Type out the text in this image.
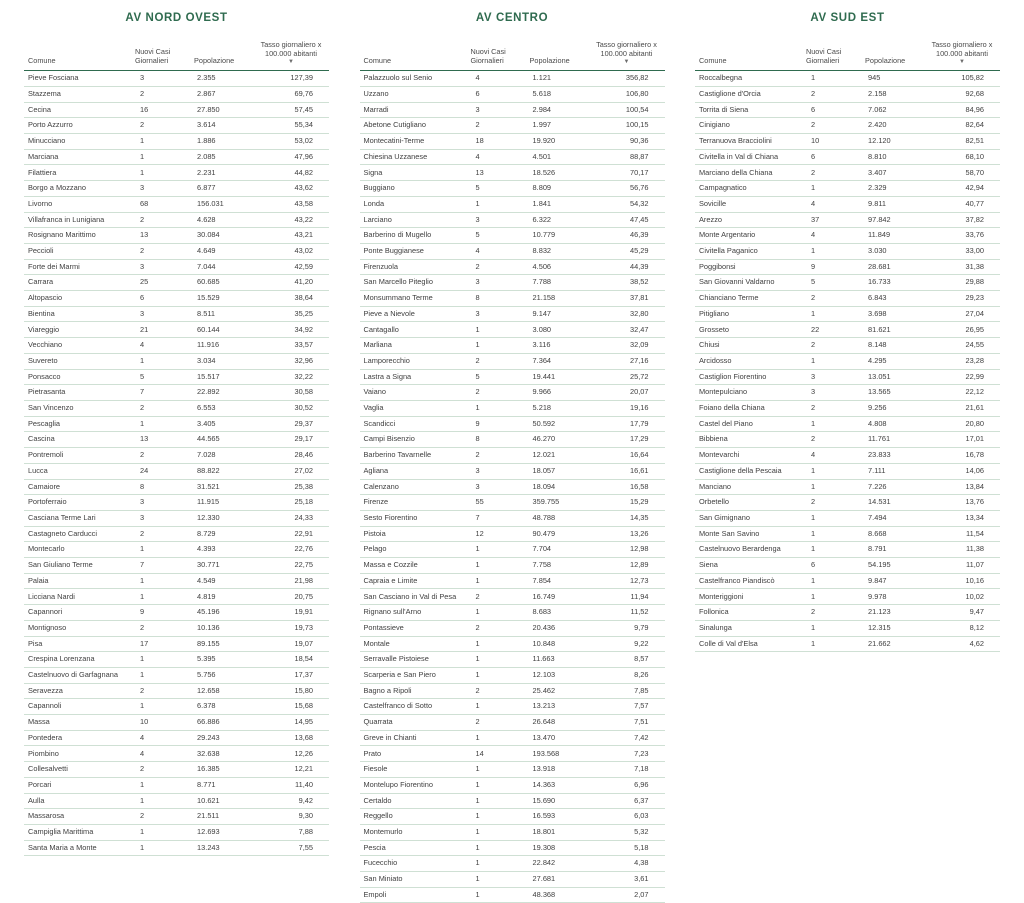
AV NORD OVEST
Comune	Nuovi Casi Giornalieri	Popolazione	Tasso giornaliero x 100.000 abitanti
▼

Pieve Fosciana	3	2.355	127,39
Stazzema	2	2.867	69,76
Cecina	16	27.850	57,45
Porto Azzurro	2	3.614	55,34
Minucciano	1	1.886	53,02
Marciana	1	2.085	47,96
Filattiera	1	2.231	44,82
Borgo a Mozzano	3	6.877	43,62
Livorno	68	156.031	43,58
Villafranca in Lunigiana	2	4.628	43,22
Rosignano Marittimo	13	30.084	43,21
Peccioli	2	4.649	43,02
Forte dei Marmi	3	7.044	42,59
Carrara	25	60.685	41,20
Altopascio	6	15.529	38,64
Bientina	3	8.511	35,25
Viareggio	21	60.144	34,92
Vecchiano	4	11.916	33,57
Suvereto	1	3.034	32,96
Ponsacco	5	15.517	32,22
Pietrasanta	7	22.892	30,58
San Vincenzo	2	6.553	30,52
Pescaglia	1	3.405	29,37
Cascina	13	44.565	29,17
Pontremoli	2	7.028	28,46
Lucca	24	88.822	27,02
Camaiore	8	31.521	25,38
Portoferraio	3	11.915	25,18
Casciana Terme Lari	3	12.330	24,33
Castagneto Carducci	2	8.729	22,91
Montecarlo	1	4.393	22,76
San Giuliano Terme	7	30.771	22,75
Palaia	1	4.549	21,98
Licciana Nardi	1	4.819	20,75
Capannori	9	45.196	19,91
Montignoso	2	10.136	19,73
Pisa	17	89.155	19,07
Crespina Lorenzana	1	5.395	18,54
Castelnuovo di Garfagnana	1	5.756	17,37
Seravezza	2	12.658	15,80
Capannoli	1	6.378	15,68
Massa	10	66.886	14,95
Pontedera	4	29.243	13,68
Piombino	4	32.638	12,26
Collesalvetti	2	16.385	12,21
Porcari	1	8.771	11,40
Aulla	1	10.621	9,42
Massarosa	2	21.511	9,30
Campiglia Marittima	1	12.693	7,88
Santa Maria a Monte	1	13.243	7,55
AV CENTRO
Comune	Nuovi Casi Giornalieri	Popolazione	Tasso giornaliero x 100.000 abitanti
▼

Palazzuolo sul Senio	4	1.121	356,82
Uzzano	6	5.618	106,80
Marradi	3	2.984	100,54
Abetone Cutigliano	2	1.997	100,15
Montecatini-Terme	18	19.920	90,36
Chiesina Uzzanese	4	4.501	88,87
Signa	13	18.526	70,17
Buggiano	5	8.809	56,76
Londa	1	1.841	54,32
Larciano	3	6.322	47,45
Barberino di Mugello	5	10.779	46,39
Ponte Buggianese	4	8.832	45,29
Firenzuola	2	4.506	44,39
San Marcello Piteglio	3	7.788	38,52
Monsummano Terme	8	21.158	37,81
Pieve a Nievole	3	9.147	32,80
Cantagallo	1	3.080	32,47
Marliana	1	3.116	32,09
Lamporecchio	2	7.364	27,16
Lastra a Signa	5	19.441	25,72
Vaiano	2	9.966	20,07
Vaglia	1	5.218	19,16
Scandicci	9	50.592	17,79
Campi Bisenzio	8	46.270	17,29
Barberino Tavarnelle	2	12.021	16,64
Agliana	3	18.057	16,61
Calenzano	3	18.094	16,58
Firenze	55	359.755	15,29
Sesto Fiorentino	7	48.788	14,35
Pistoia	12	90.479	13,26
Pelago	1	7.704	12,98
Massa e Cozzile	1	7.758	12,89
Capraia e Limite	1	7.854	12,73
San Casciano in Val di Pesa	2	16.749	11,94
Rignano sull'Arno	1	8.683	11,52
Pontassieve	2	20.436	9,79
Montale	1	10.848	9,22
Serravalle Pistoiese	1	11.663	8,57
Scarperia e San Piero	1	12.103	8,26
Bagno a Ripoli	2	25.462	7,85
Castelfranco di Sotto	1	13.213	7,57
Quarrata	2	26.648	7,51
Greve in Chianti	1	13.470	7,42
Prato	14	193.568	7,23
Fiesole	1	13.918	7,18
Montelupo Fiorentino	1	14.363	6,96
Certaldo	1	15.690	6,37
Reggello	1	16.593	6,03
Montemurlo	1	18.801	5,32
Pescia	1	19.308	5,18
Fucecchio	1	22.842	4,38
San Miniato	1	27.681	3,61
Empoli	1	48.368	2,07
AV SUD EST
Comune	Nuovi Casi Giornalieri	Popolazione	Tasso giornaliero x 100.000 abitanti
▼

Roccalbegna	1	945	105,82
Castiglione d'Orcia	2	2.158	92,68
Torrita di Siena	6	7.062	84,96
Cinigiano	2	2.420	82,64
Terranuova Bracciolini	10	12.120	82,51
Civitella in Val di Chiana	6	8.810	68,10
Marciano della Chiana	2	3.407	58,70
Campagnatico	1	2.329	42,94
Sovicille	4	9.811	40,77
Arezzo	37	97.842	37,82
Monte Argentario	4	11.849	33,76
Civitella Paganico	1	3.030	33,00
Poggibonsi	9	28.681	31,38
San Giovanni Valdarno	5	16.733	29,88
Chianciano Terme	2	6.843	29,23
Pitigliano	1	3.698	27,04
Grosseto	22	81.621	26,95
Chiusi	2	8.148	24,55
Arcidosso	1	4.295	23,28
Castiglion Fiorentino	3	13.051	22,99
Montepulciano	3	13.565	22,12
Foiano della Chiana	2	9.256	21,61
Castel del Piano	1	4.808	20,80
Bibbiena	2	11.761	17,01
Montevarchi	4	23.833	16,78
Castiglione della Pescaia	1	7.111	14,06
Manciano	1	7.226	13,84
Orbetello	2	14.531	13,76
San Gimignano	1	7.494	13,34
Monte San Savino	1	8.668	11,54
Castelnuovo Berardenga	1	8.791	11,38
Siena	6	54.195	11,07
Castelfranco Piandiscò	1	9.847	10,16
Monteriggioni	1	9.978	10,02
Follonica	2	21.123	9,47
Sinalunga	1	12.315	8,12
Colle di Val d'Elsa	1	21.662	4,62
